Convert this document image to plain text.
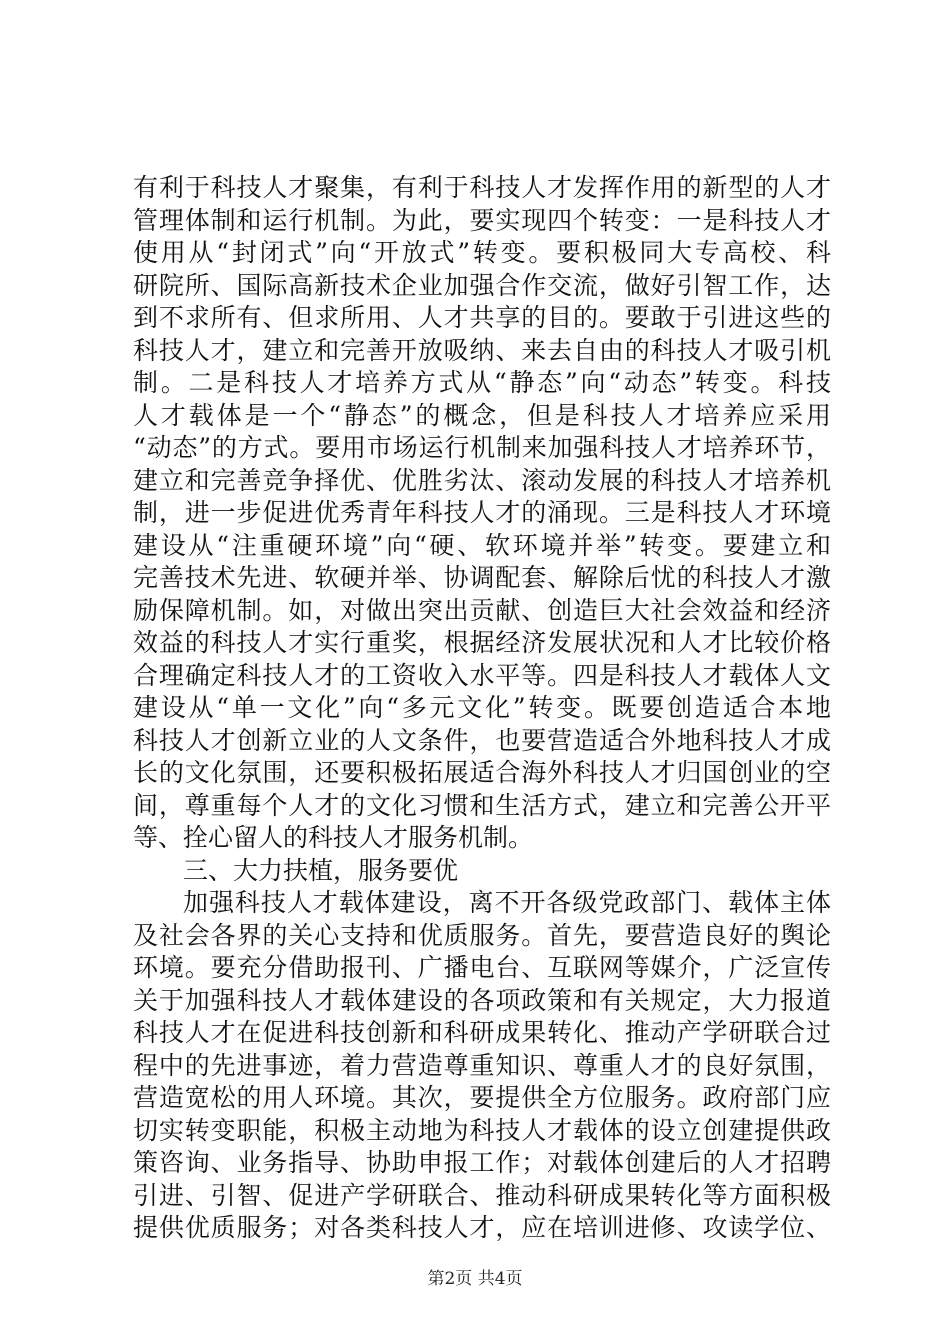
有利于科技人才聚集，有利于科技人才发挥作用的新型的人才
管理体制和运行机制。为此，要实现四个转变：一是科技人才
使用从“封闭式”向“开放式”转变。要积极同大专高校、科
研院所、国际高新技术企业加强合作交流，做好引智工作，达
到不求所有、但求所用、人才共享的目的。要敢于引进这些的
科技人才，建立和完善开放吸纳、来去自由的科技人才吸引机
制。二是科技人才培养方式从“静态”向“动态”转变。科技
人才载体是一个“静态”的概念，但是科技人才培养应采用
“动态”的方式。要用市场运行机制来加强科技人才培养环节，
建立和完善竞争择优、优胜劣汰、滚动发展的科技人才培养机
制，进一步促进优秀青年科技人才的涌现。三是科技人才环境
建设从“注重硬环境”向“硬、软环境并举”转变。要建立和
完善技术先进、软硬并举、协调配套、解除后忧的科技人才激
励保障机制。如，对做出突出贡献、创造巨大社会效益和经济
效益的科技人才实行重奖，根据经济发展状况和人才比较价格
合理确定科技人才的工资收入水平等。四是科技人才载体人文
建设从“单一文化”向“多元文化”转变。既要创造适合本地
科技人才创新立业的人文条件，也要营造适合外地科技人才成
长的文化氛围，还要积极拓展适合海外科技人才归国创业的空
间，尊重每个人才的文化习惯和生活方式，建立和完善公开平
等、拴心留人的科技人才服务机制。
三、大力扶植，服务要优
加强科技人才载体建设，离不开各级党政部门、载体主体
及社会各界的关心支持和优质服务。首先，要营造良好的舆论
环境。要充分借助报刊、广播电台、互联网等媒介，广泛宣传
关于加强科技人才载体建设的各项政策和有关规定，大力报道
科技人才在促进科技创新和科研成果转化、推动产学研联合过
程中的先进事迹，着力营造尊重知识、尊重人才的良好氛围，
营造宽松的用人环境。其次，要提供全方位服务。政府部门应
切实转变职能，积极主动地为科技人才载体的设立创建提供政
策咨询、业务指导、协助申报工作；对载体创建后的人才招聘
引进、引智、促进产学研联合、推动科研成果转化等方面积极
提供优质服务；对各类科技人才，应在培训进修、攻读学位、
第2页 共4页
